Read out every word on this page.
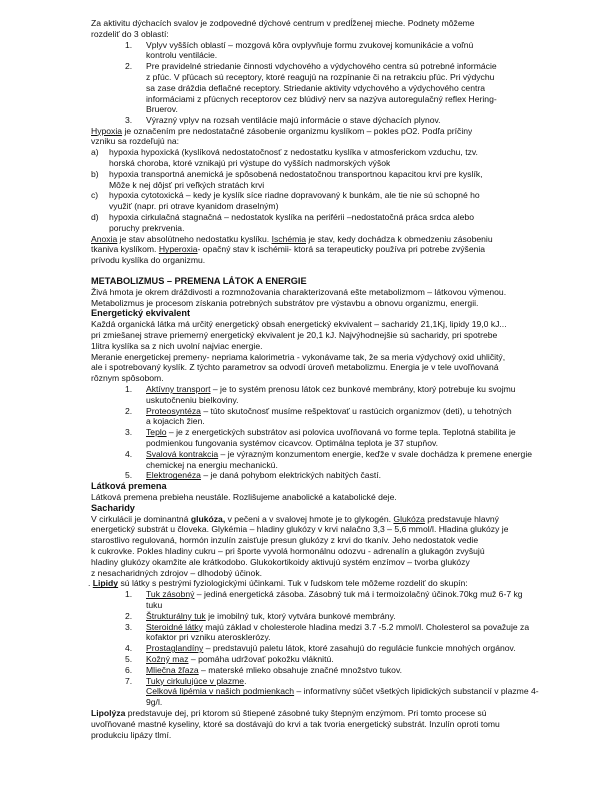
Za aktivitu dýchacích svalov je zodpovedné dýchové centrum v predĺženej mieche. Podnety môžeme
rozdeliť do 3 oblastí:
1. Vplyv vyšších oblastí – mozgová kôra ovplyvňuje formu zvukovej komunikácie a voľnú
kontrolu ventilácie.
2. Pre pravidelné striedanie činnosti vdychového a výdychového centra sú potrebné informácie
z pľúc. V pľúcach sú receptory, ktoré reagujú na rozpínanie či na retrakciu pľúc. Pri výdychu
sa zase dráždia deflačné receptory. Striedanie aktivity vdychového a výdychového centra
informáciami z pľúcnych receptorov cez blúdivý nerv sa nazýva autoregulačný reflex Hering-
Bruerov.
3. Výrazný vplyv na rozsah ventilácie majú informácie o stave dýchacích plynov.
Hypoxia je označením pre nedostatačné zásobenie organizmu kyslíkom – pokles pO2. Podľa príčiny
vzniku sa rozdeľujú na:
a) hypoxia hypoxická (kyslíková nedostatočnosť z nedostatku kyslíka v atmosferickom vzduchu, tzv.
horská choroba, ktoré vznikajú pri výstupe do vyšších nadmorských výšok
b) hypoxia transportná anemická je spôsobená nedostatočnou transportnou kapacitou krvi pre kyslík,
Môže k nej dôjsť pri veľkých stratách krvi
c) hypoxia cytotoxická – kedy je kyslík síce riadne dopravovaný k bunkám, ale tie nie sú schopné ho
využiť (napr. pri otrave kyanidom draselným)
d) hypoxia cirkulačná stagnačná – nedostatok kyslíka na periférii –nedostatočná práca srdca alebo
poruchy prekrvenia.
Anoxia je stav absolútneho nedostatku kyslíku. Ischémia je stav, kedy dochádza k obmedzeniu zásobeniu
tkaniva kyslíkom. Hyperoxia- opačný stav k ischémii- ktorá sa terapeuticky používa pri potrebe zvýšenia
prívodu kyslíka do organizmu.
METABOLIZMUS – PREMENA LÁTOK A ENERGIE
Živá hmota je okrem dráždivosti a rozmnožovania charakterizovaná ešte metabolizmom – látkovou výmenou.
Metabolizmus je procesom získania potrebných substrátov pre výstavbu a obnovu organizmu, energii.
Energetický ekvivalent
Každá organická látka má určitý energetický obsah energetický ekvivalent – sacharidy 21,1Kj, lipidy 19,0 kJ...
pri zmiešanej strave priemerný energetický ekvivalent je 20,1 kJ. Najvýhodnejšie sú sacharidy, pri spotrebe
1litra kyslíka sa z nich uvolní najviac energie.
Meranie energetickej premeny- nepriama kalorimetria - vykonávame tak, že sa meria výdychový oxid uhličitý,
ale i spotrebovaný kyslík. Z týchto parametrov sa odvodí úroveň metabolizmu. Energia je v tele uvoľňovaná
rôznym spôsobom.
1. Aktívny transport – je to systém prenosu látok cez bunkové membrány, ktorý potrebuje ku svojmu
uskutočneniu bielkoviny.
2. Proteosyntéza – túto skutočnosť musíme rešpektovať u rastúcich organizmov (deti), u tehotných
a kojacich žien.
3. Teplo – je z energetických substrátov asi polovica uvoľňovaná vo forme tepla. Teplotná stabilita je
podmienkou fungovania systémov cicavcov. Optimálna teplota je 37 stupňov.
4. Svalová kontrakcia – je výrazným konzumentom energie, keďže v svale dochádza k premene energie
chemickej na energiu mechanickú.
5. Elektrogenéza – je daná pohybom elektrických nabitých častí.
Látková premena
Látková premena prebieha neustále. Rozlišujeme anabolické a katabolické deje.
Sacharidy
V cirkulácii je dominantná glukóza, v pečeni a v svalovej hmote je to glykogén. Glukóza predstavuje hlavný
energetický substrát u človeka. Glykémia – hladiny glukózy v krvi nalačno 3,3 – 5,6 mmol/l. Hladina glukózy je
starostlivo regulovaná, hormón inzulín zaisťuje presun glukózy z krvi do tkanív. Jeho nedostatok vedie
k cukrovke. Pokles hladiny cukru – pri športe vyvolá hormonálnu odozvu - adrenalín a glukagón zvyšujú
hladiny glukózy okamžite ale krátkodobo. Glukokortikoidy aktivujú systém enzímov – tvorba glukózy
z nesacharidných zdrojov – dlhodobý účinok.
. Lipidy sú látky s pestrými fyziologickými účinkami. Tuk v ľudskom tele môžeme rozdeliť do skupín:
1. Tuk zásobný – jediná energetická zásoba. Zásobný tuk má i termoizolačný účinok.70kg muž 6-7 kg
tuku
2. Štrukturálny tuk je imobilný tuk, ktorý vytvára bunkové membrány.
3. Steroidné látky majú základ v cholesterole hladina medzi 3.7 -5.2 mmol/l. Cholesterol sa považuje za
kofaktor pri vzniku aterosklerózy.
4. Prostaglandíny – predstavujú paletu látok, ktoré zasahujú do regulácie funkcie mnohých orgánov.
5. Kožný maz – pomáha udržovať pokožku vláknitú.
6. Mliečna žľaza – materské mlieko obsahuje značné množstvo tukov.
7. Tuky cirkulujúce v plazme.
Celková lipémia v našich podmienkach – informatívny súčet všetkých lipidických substancií v plazme 4-
9g/l.
Lipolýza predstavuje dej, pri ktorom sú štiepené zásobné tuky štepným enzýmom. Pri tomto procese sú
uvoľňované mastné kyseliny, ktoré sa dostávajú do krvi a tak tvoria energetický substrát. Inzulín oproti tomu
produkciu lipázy tlmí.
